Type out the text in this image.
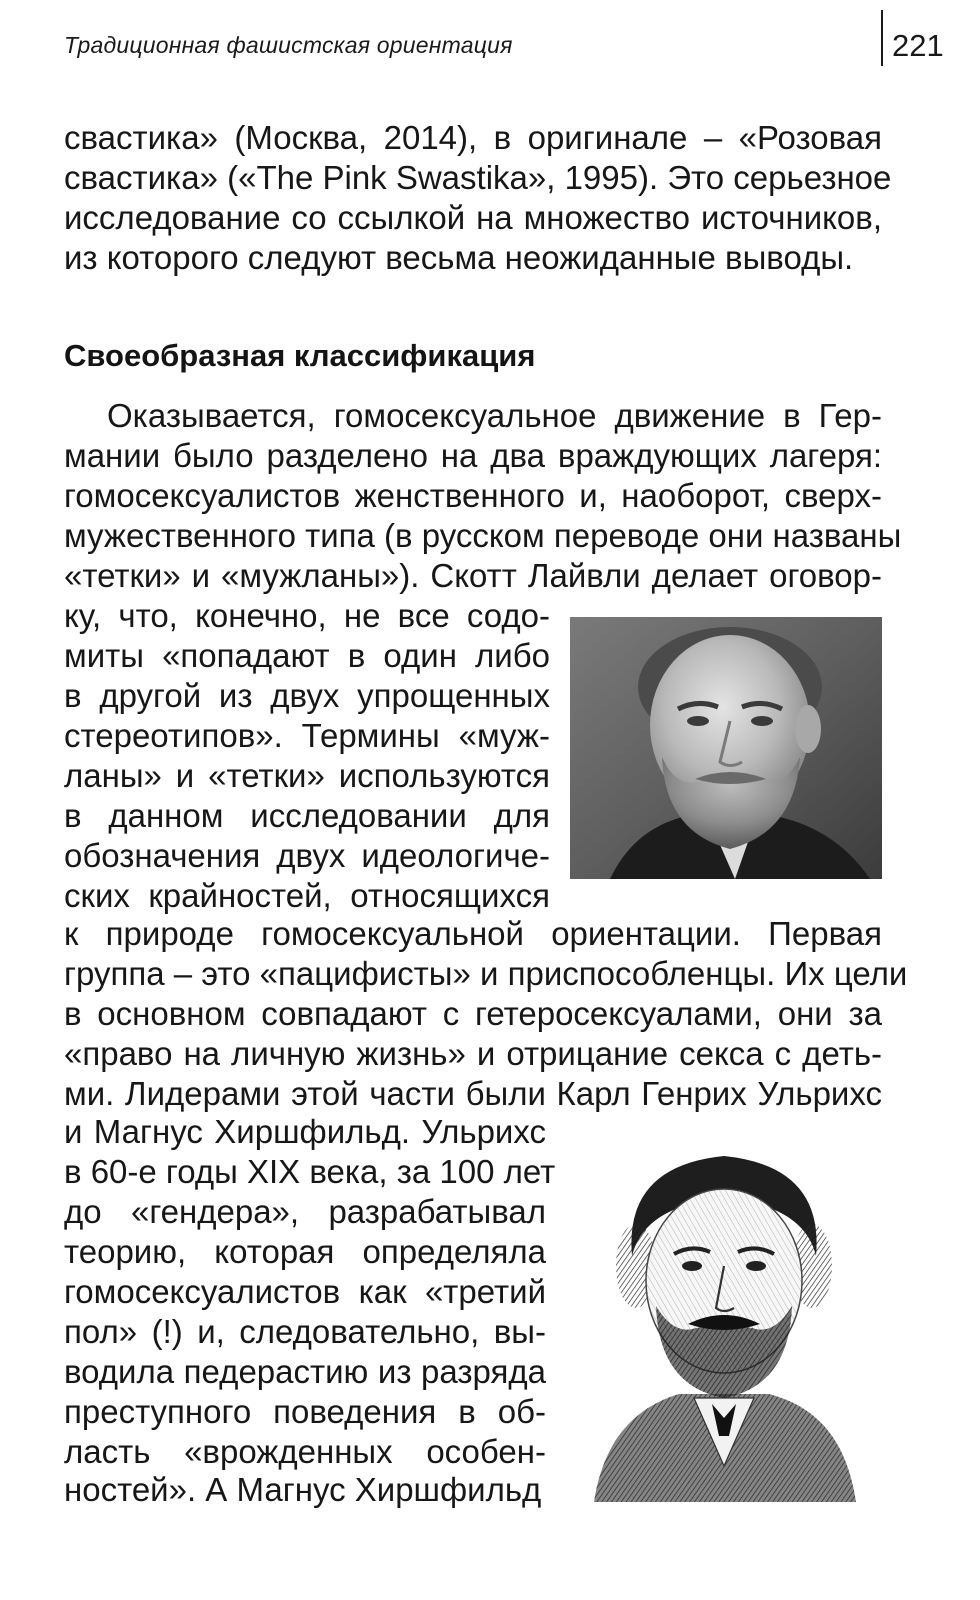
Традиционная фашистская ориентация	221
свастика» (Москва, 2014), в оригинале – «Розовая
свастика» («The Pink Swastika», 1995). Это серьезное
исследование со ссылкой на множество источников,
из которого следуют весьма неожиданные выводы.
Своеобразная классификация
Оказывается, гомосексуальное движение в Гер-
мании было разделено на два враждующих лагеря:
гомосексуалистов женственного и, наоборот, сверх-
мужественного типа (в русском переводе они названы
«тетки» и «мужланы»). Скотт Лайвли делает оговор-
ку, что, конечно, не все содо-
миты «попадают в один либо
в другой из двух упрощенных
стереотипов». Термины «муж-
ланы» и «тетки» используются
в данном исследовании для
обозначения двух идеологиче-
ских крайностей, относящихся
к природе гомосексуальной ориентации. Первая
группа – это «пацифисты» и приспособленцы. Их цели
в основном совпадают с гетеросексуалами, они за
«право на личную жизнь» и отрицание секса с деть-
ми. Лидерами этой части были Карл Генрих Ульрихс
и Магнус Хиршфильд. Ульрихс
в 60-е годы XIX века, за 100 лет
до «гендера», разрабатывал
теорию, которая определяла
гомосексуалистов как «третий
пол» (!) и, следовательно, вы-
водила педерастию из разряда
преступного поведения в об-
ласть «врожденных особен-
ностей». А Магнус Хиршфильд
